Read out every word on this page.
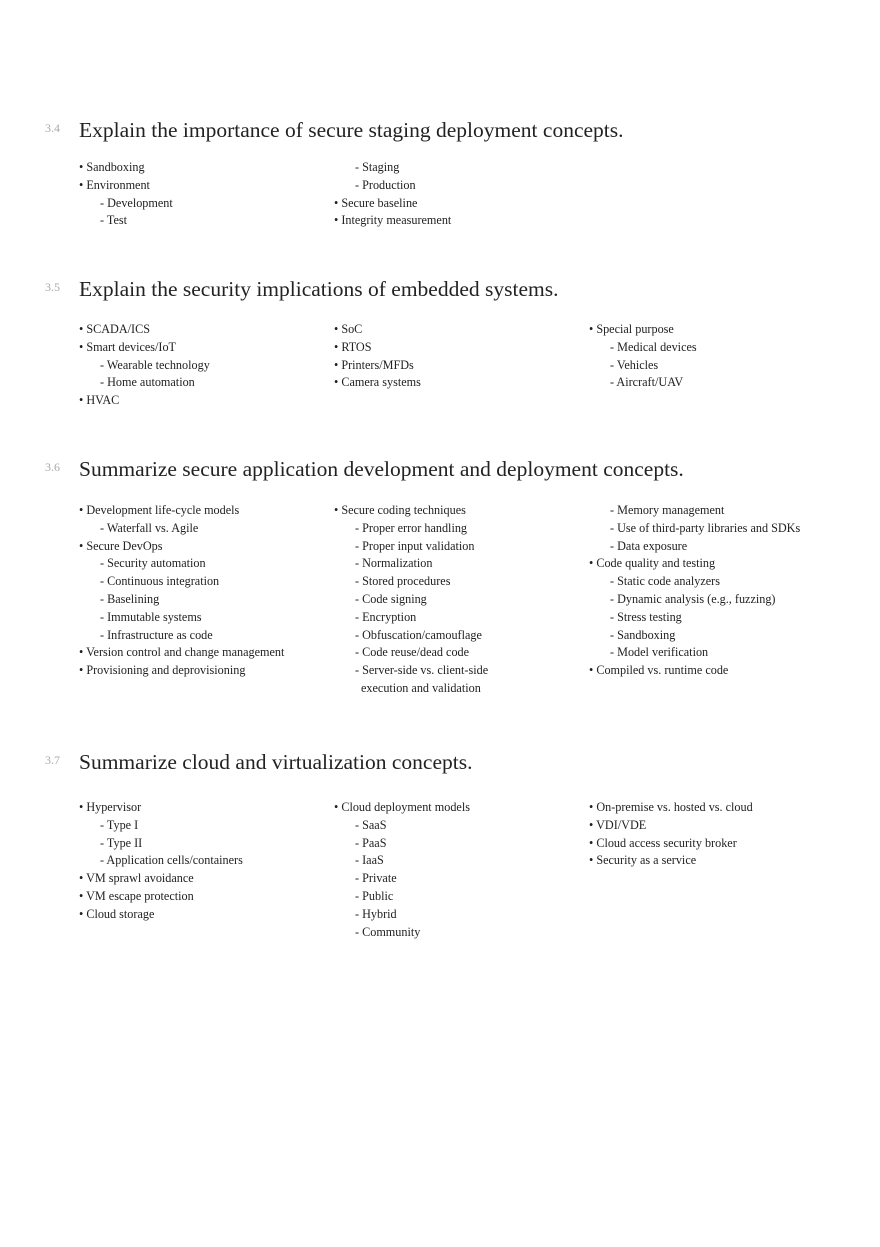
3.4 Explain the importance of secure staging deployment concepts.
• Sandboxing
• Environment
- Development
- Test
- Staging
- Production
• Secure baseline
• Integrity measurement
3.5 Explain the security implications of embedded systems.
• SCADA/ICS
• Smart devices/IoT
- Wearable technology
- Home automation
• HVAC
• SoC
• RTOS
• Printers/MFDs
• Camera systems
• Special purpose
- Medical devices
- Vehicles
- Aircraft/UAV
3.6 Summarize secure application development and deployment concepts.
• Development life-cycle models
- Waterfall vs. Agile
• Secure DevOps
- Security automation
- Continuous integration
- Baselining
- Immutable systems
- Infrastructure as code
• Version control and change management
• Provisioning and deprovisioning
• Secure coding techniques
- Proper error handling
- Proper input validation
- Normalization
- Stored procedures
- Code signing
- Encryption
- Obfuscation/camouflage
- Code reuse/dead code
- Server-side vs. client-side
execution and validation
- Memory management
- Use of third-party libraries and SDKs
- Data exposure
• Code quality and testing
- Static code analyzers
- Dynamic analysis (e.g., fuzzing)
- Stress testing
- Sandboxing
- Model verification
• Compiled vs. runtime code
3.7 Summarize cloud and virtualization concepts.
• Hypervisor
- Type I
- Type II
- Application cells/containers
• VM sprawl avoidance
• VM escape protection
• Cloud storage
• Cloud deployment models
- SaaS
- PaaS
- IaaS
- Private
- Public
- Hybrid
- Community
• On-premise vs. hosted vs. cloud
• VDI/VDE
• Cloud access security broker
• Security as a service
